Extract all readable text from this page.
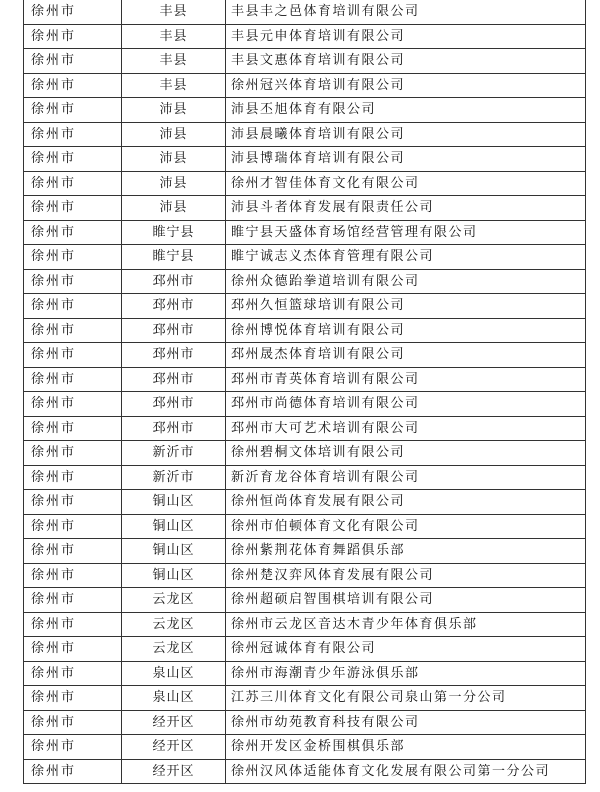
徐州市	丰县	丰县丰之邑体育培训有限公司
徐州市	丰县	丰县元申体育培训有限公司
徐州市	丰县	丰县文惠体育培训有限公司
徐州市	丰县	徐州冠兴体育培训有限公司
徐州市	沛县	沛县丕旭体育有限公司
徐州市	沛县	沛县晨曦体育培训有限公司
徐州市	沛县	沛县博瑞体育培训有限公司
徐州市	沛县	徐州才智佳体育文化有限公司
徐州市	沛县	沛县斗者体育发展有限责任公司
徐州市	睢宁县	睢宁县天盛体育场馆经营管理有限公司
徐州市	睢宁县	睢宁诚志义杰体育管理有限公司
徐州市	邳州市	徐州众德跆拳道培训有限公司
徐州市	邳州市	邳州久恒篮球培训有限公司
徐州市	邳州市	徐州博悦体育培训有限公司
徐州市	邳州市	邳州晟杰体育培训有限公司
徐州市	邳州市	邳州市青英体育培训有限公司
徐州市	邳州市	邳州市尚德体育培训有限公司
徐州市	邳州市	邳州市大可艺术培训有限公司
徐州市	新沂市	徐州碧桐文体培训有限公司
徐州市	新沂市	新沂育龙谷体育培训有限公司
徐州市	铜山区	徐州恒尚体育发展有限公司
徐州市	铜山区	徐州市伯顿体育文化有限公司
徐州市	铜山区	徐州紫荆花体育舞蹈俱乐部
徐州市	铜山区	徐州楚汉弈风体育发展有限公司
徐州市	云龙区	徐州超硕启智围棋培训有限公司
徐州市	云龙区	徐州市云龙区音达木青少年体育俱乐部
徐州市	云龙区	徐州冠诚体育有限公司
徐州市	泉山区	徐州市海潮青少年游泳俱乐部
徐州市	泉山区	江苏三川体育文化有限公司泉山第一分公司
徐州市	经开区	徐州市幼苑教育科技有限公司
徐州市	经开区	徐州开发区金桥围棋俱乐部
徐州市	经开区	徐州汉风体适能体育文化发展有限公司第一分公司
